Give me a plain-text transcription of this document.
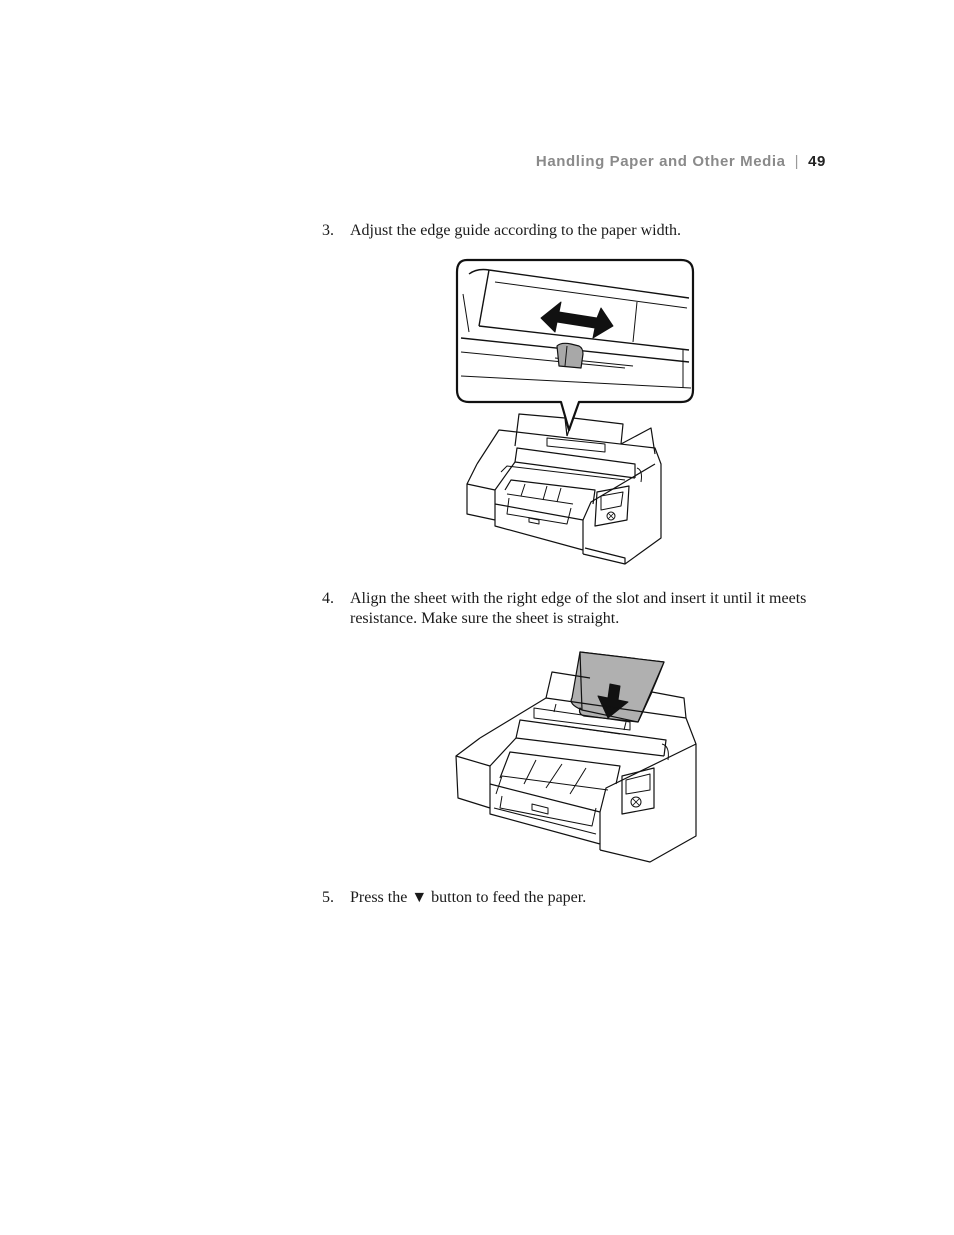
Handling Paper and Other Media | 49
3. Adjust the edge guide according to the paper width.
4. Align the sheet with the right edge of the slot and insert it until it meets resistance. Make sure the sheet is straight.
5. Press the ▼ button to feed the paper.
